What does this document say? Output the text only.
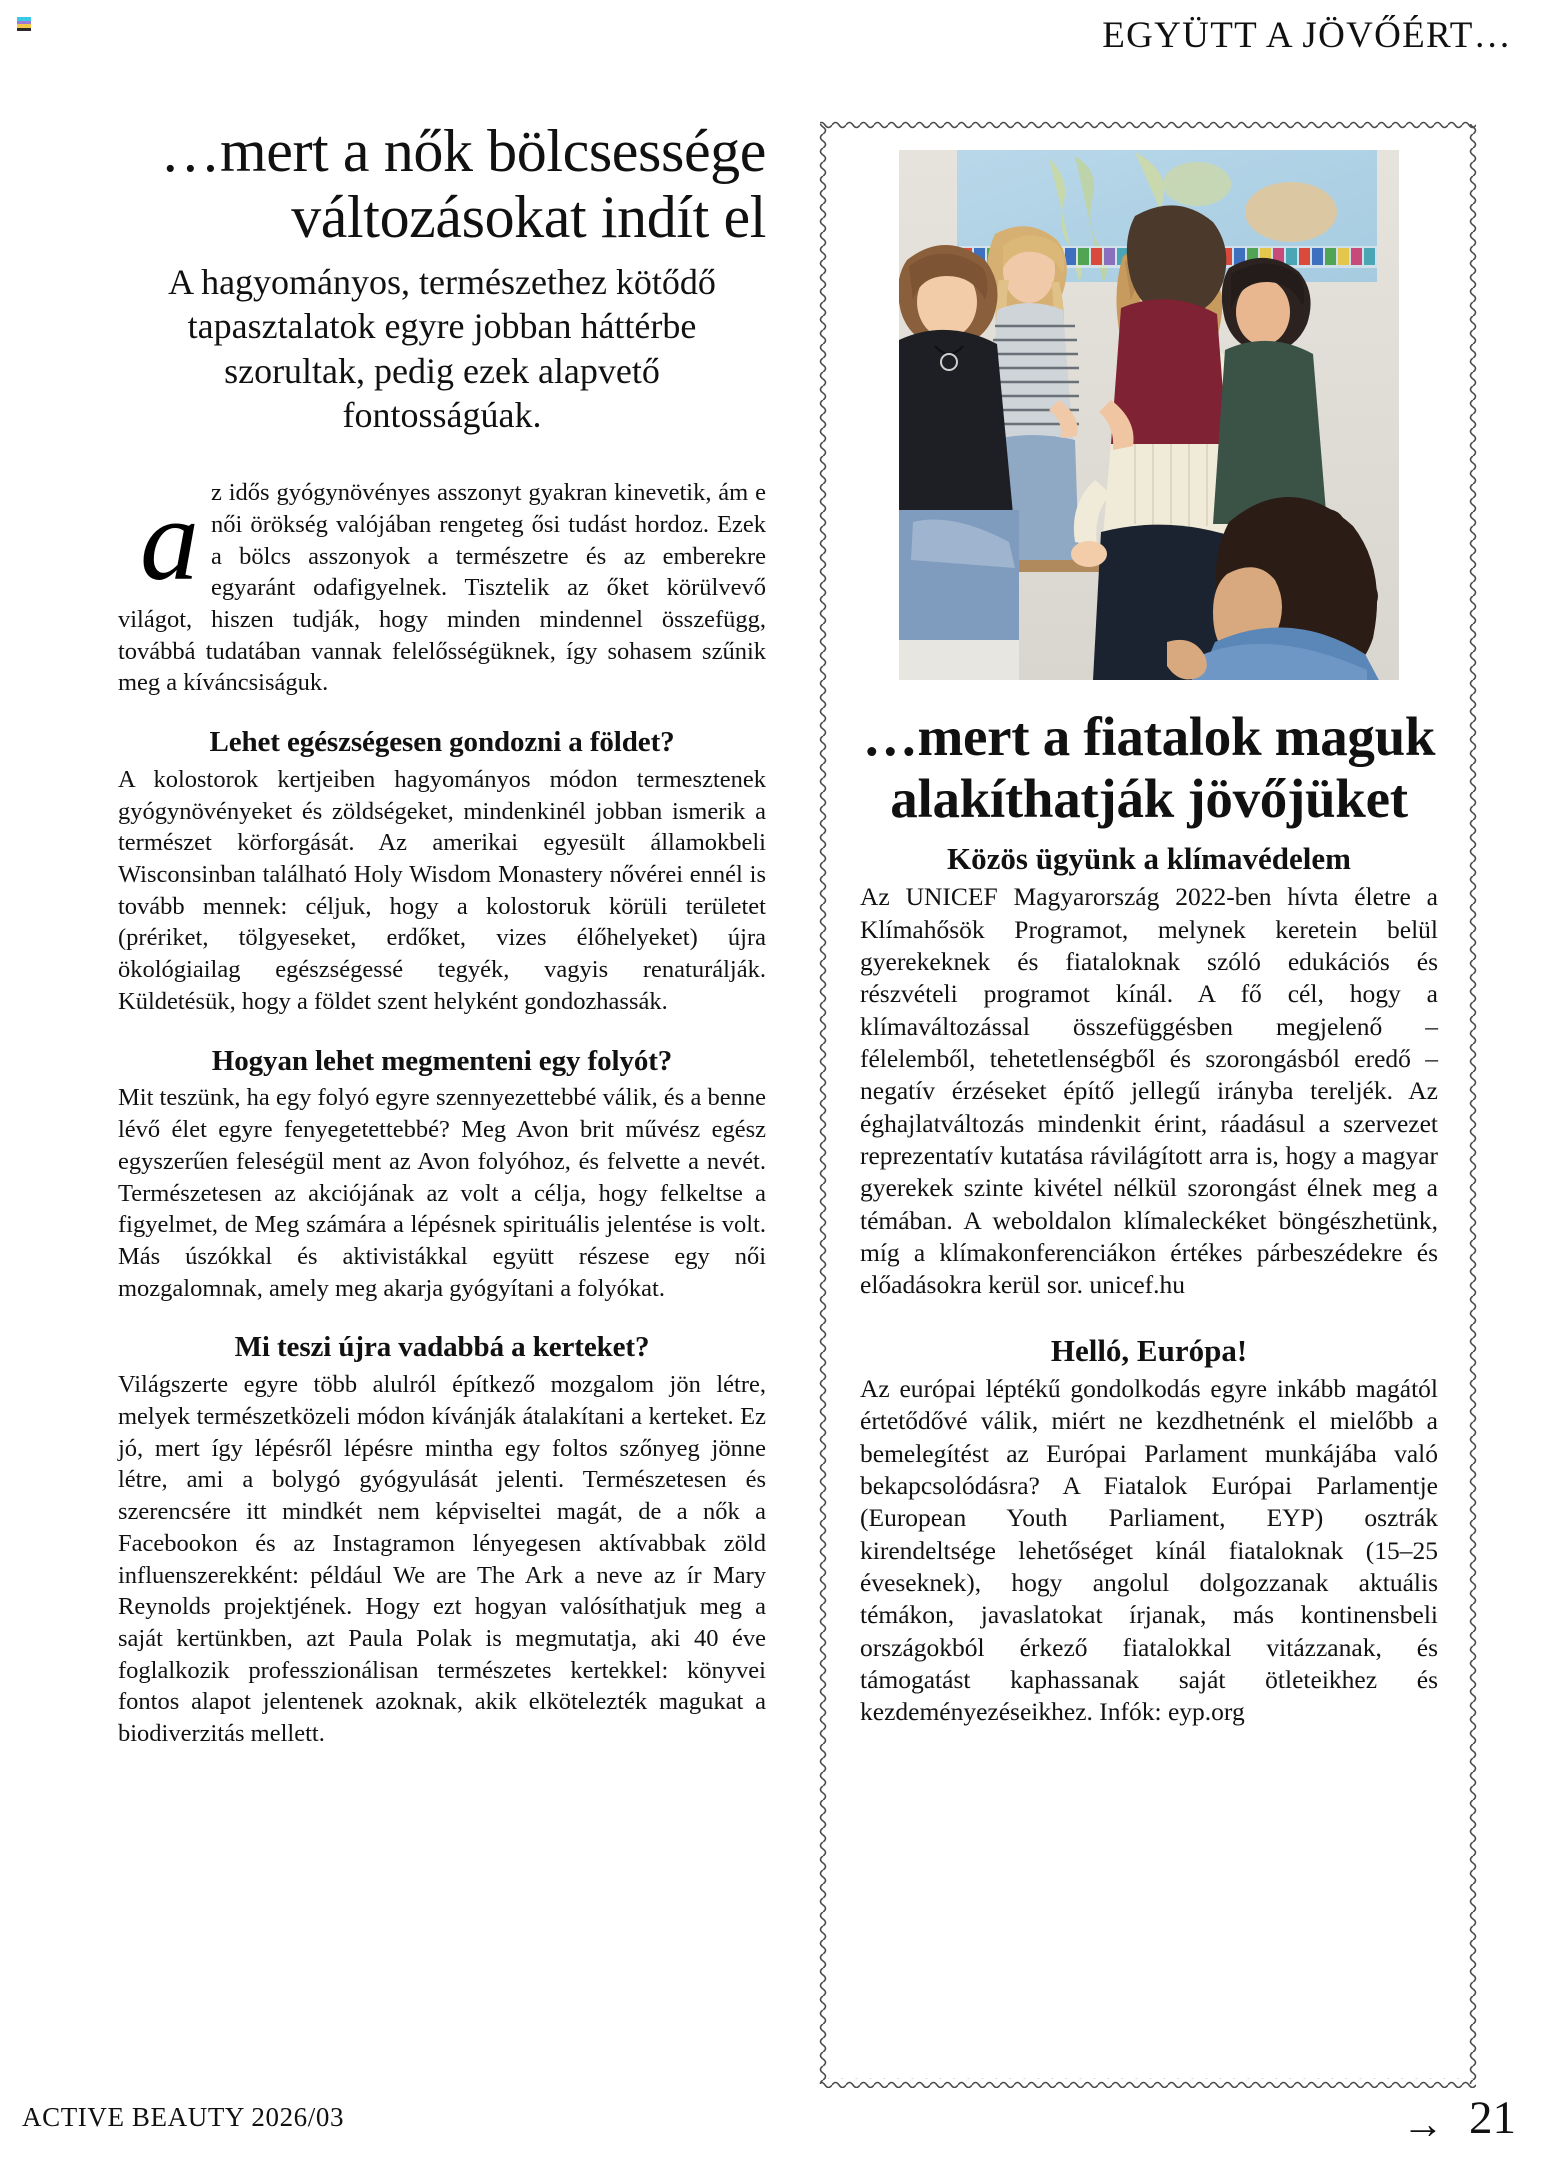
EGYÜTT A JÖVŐÉRT…
…mert a nők bölcsessége változásokat indít el

A hagyományos, természethez kötődő tapasztalatok egyre jobban háttérbe szorultak, pedig ezek alapvető fontosságúak.

a z idős gyógynövényes asszonyt gyakran kinevetik, ám e női örökség valójában rengeteg ősi tudást hordoz. Ezek a bölcs asszonyok a természetre és az emberekre egyaránt odafigyelnek. Tisztelik az őket körülvevő világot, hiszen tudják, hogy minden mindennel összefügg, továbbá tudatában vannak felelősségüknek, így sohasem szűnik meg a kíváncsiságuk.

Lehet egészségesen gondozni a földet?

A kolostorok kertjeiben hagyományos módon termesztenek gyógynövényeket és zöldségeket, mindenkinél jobban ismerik a természet körforgását. Az amerikai egyesült államokbeli Wisconsinban található Holy Wisdom Monastery nővérei ennél is tovább mennek: céljuk, hogy a kolostoruk körüli területet (prériket, tölgyeseket, erdőket, vizes élőhelyeket) újra ökológiailag egészségessé tegyék, vagyis renaturálják. Küldetésük, hogy a földet szent helyként gondozhassák.

Hogyan lehet megmenteni egy folyót?

Mit teszünk, ha egy folyó egyre szennyezettebbé válik, és a benne lévő élet egyre fenyegetettebbé? Meg Avon brit művész egész egyszerűen feleségül ment az Avon folyóhoz, és felvette a nevét. Természetesen az akciójának az volt a célja, hogy felkeltse a figyelmet, de Meg számára a lépésnek spirituális jelentése is volt. Más úszókkal és aktivistákkal együtt részese egy női mozgalomnak, amely meg akarja gyógyítani a folyókat.

Mi teszi újra vadabbá a kerteket?

Világszerte egyre több alulról építkező mozgalom jön létre, melyek természetközeli módon kívánják átalakítani a kerteket. Ez jó, mert így lépésről lépésre mintha egy foltos szőnyeg jönne létre, ami a bolygó gyógyulását jelenti. Természetesen és szerencsére itt mindkét nem képviseltei magát, de a nők a Facebookon és az Instagramon lényegesen aktívabbak zöld influenszerekként: például We are The Ark a neve az ír Mary Reynolds projektjének. Hogy ezt hogyan valósíthatjuk meg a saját kertünkben, azt Paula Polak is megmutatja, aki 40 éve foglalkozik professzionálisan természetes kertekkel: könyvei fontos alapot jelentenek azoknak, akik elkötelezték magukat a biodiverzitás mellett.

…mert a fiatalok maguk alakíthatják jövőjüket
Közös ügyünk a klímavédelem

Az UNICEF Magyarország 2022-ben hívta életre a Klímahősök Programot, melynek keretein belül gyerekeknek és fiataloknak szóló edukációs és részvételi programot kínál. A fő cél, hogy a klímaváltozással összefüggésben megjelenő – félelemből, tehetetlenségből és szorongásból eredő – negatív érzéseket építő jellegű irányba tereljék. Az éghajlatváltozás mindenkit érint, ráadásul a szervezet reprezentatív kutatása rávilágított arra is, hogy a magyar gyerekek szinte kivétel nélkül szorongást élnek meg a témában. A weboldalon klímaleckéket böngészhetünk, míg a klímakonferenciákon értékes párbeszédekre és előadásokra kerül sor. unicef.hu

Helló, Európa!

Az európai léptékű gondolkodás egyre inkább magától értetődővé válik, miért ne kezdhetnénk el mielőbb a bemelegítést az Európai Parlament munkájába való bekapcsolódásra? A Fiatalok Európai Parlamentje (European Youth Parliament, EYP) osztrák kirendeltsége lehetőséget kínál fiataloknak (15–25 éveseknek), hogy angolul dolgozzanak aktuális témákon, javaslatokat írjanak, más kontinensbeli országokból érkező fiatalokkal vitázzanak, és támogatást kaphassanak saját ötleteikhez és kezdeményezéseikhez. Infók: eyp.org

→
ACTIVE BEAUTY 2026/03	21
